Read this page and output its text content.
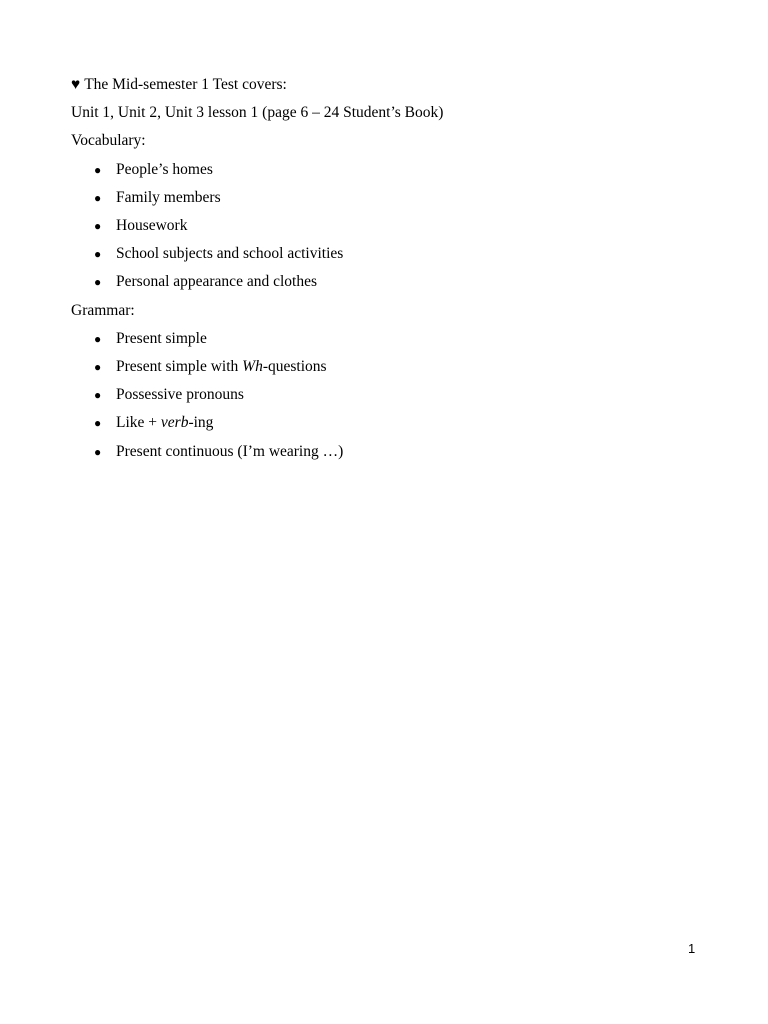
♥ The Mid-semester 1 Test covers:

Unit 1, Unit 2, Unit 3 lesson 1 (page 6 – 24 Student’s Book)

Vocabulary:

● People’s homes
● Family members
● Housework
● School subjects and school activities
● Personal appearance and clothes

Grammar:

● Present simple
● Present simple with Wh-questions
● Possessive pronouns
● Like + verb-ing
● Present continuous (I’m wearing …)
1
